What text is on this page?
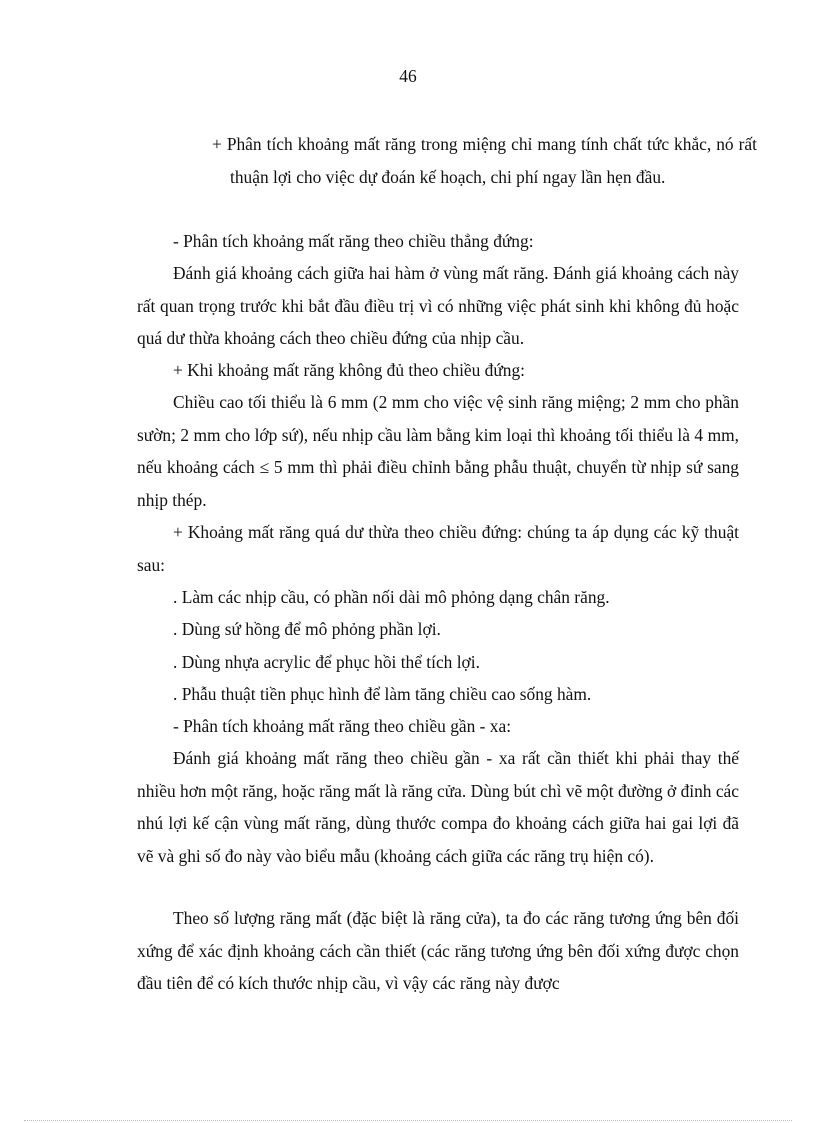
46

+ Phân tích khoảng mất răng trong miệng chỉ mang tính chất tức khắc, nó rất thuận lợi cho việc dự đoán kế hoạch, chi phí ngay lần hẹn đầu.

- Phân tích khoảng mất răng theo chiều thẳng đứng:

Đánh giá khoảng cách giữa hai hàm ở vùng mất răng. Đánh giá khoảng cách này rất quan trọng trước khi bắt đầu điều trị vì có những việc phát sinh khi không đủ hoặc quá dư thừa khoảng cách theo chiều đứng của nhịp cầu.

+ Khi khoảng mất răng không đủ theo chiều đứng:

Chiều cao tối thiểu là 6 mm (2 mm cho việc vệ sinh răng miệng; 2 mm cho phần sườn; 2 mm cho lớp sứ), nếu nhịp cầu làm bằng kim loại thì khoảng tối thiểu là 4 mm, nếu khoảng cách ≤ 5 mm thì phải điều chỉnh bằng phẫu thuật, chuyển từ nhịp sứ sang nhịp thép.

+ Khoảng mất răng quá dư thừa theo chiều đứng: chúng ta áp dụng các kỹ thuật sau:

. Làm các nhịp cầu, có phần nối dài mô phỏng dạng chân răng.

. Dùng sứ hồng để mô phỏng phần lợi.

. Dùng nhựa acrylic để phục hồi thể tích lợi.

. Phẫu thuật tiền phục hình để làm tăng chiều cao sống hàm.

- Phân tích khoảng mất răng theo chiều gần - xa:

Đánh giá khoảng mất răng theo chiều gần - xa rất cần thiết khi phải thay thế nhiều hơn một răng, hoặc răng mất là răng cửa. Dùng bút chì vẽ một đường ở đỉnh các nhú lợi kế cận vùng mất răng, dùng thước compa đo khoảng cách giữa hai gai lợi đã vẽ và ghi số đo này vào biểu mẫu (khoảng cách giữa các răng trụ hiện có).

Theo số lượng răng mất (đặc biệt là răng cửa), ta đo các răng tương ứng bên đối xứng để xác định khoảng cách cần thiết (các răng tương ứng bên đối xứng được chọn đầu tiên để có kích thước nhịp cầu, vì vậy các răng này được
